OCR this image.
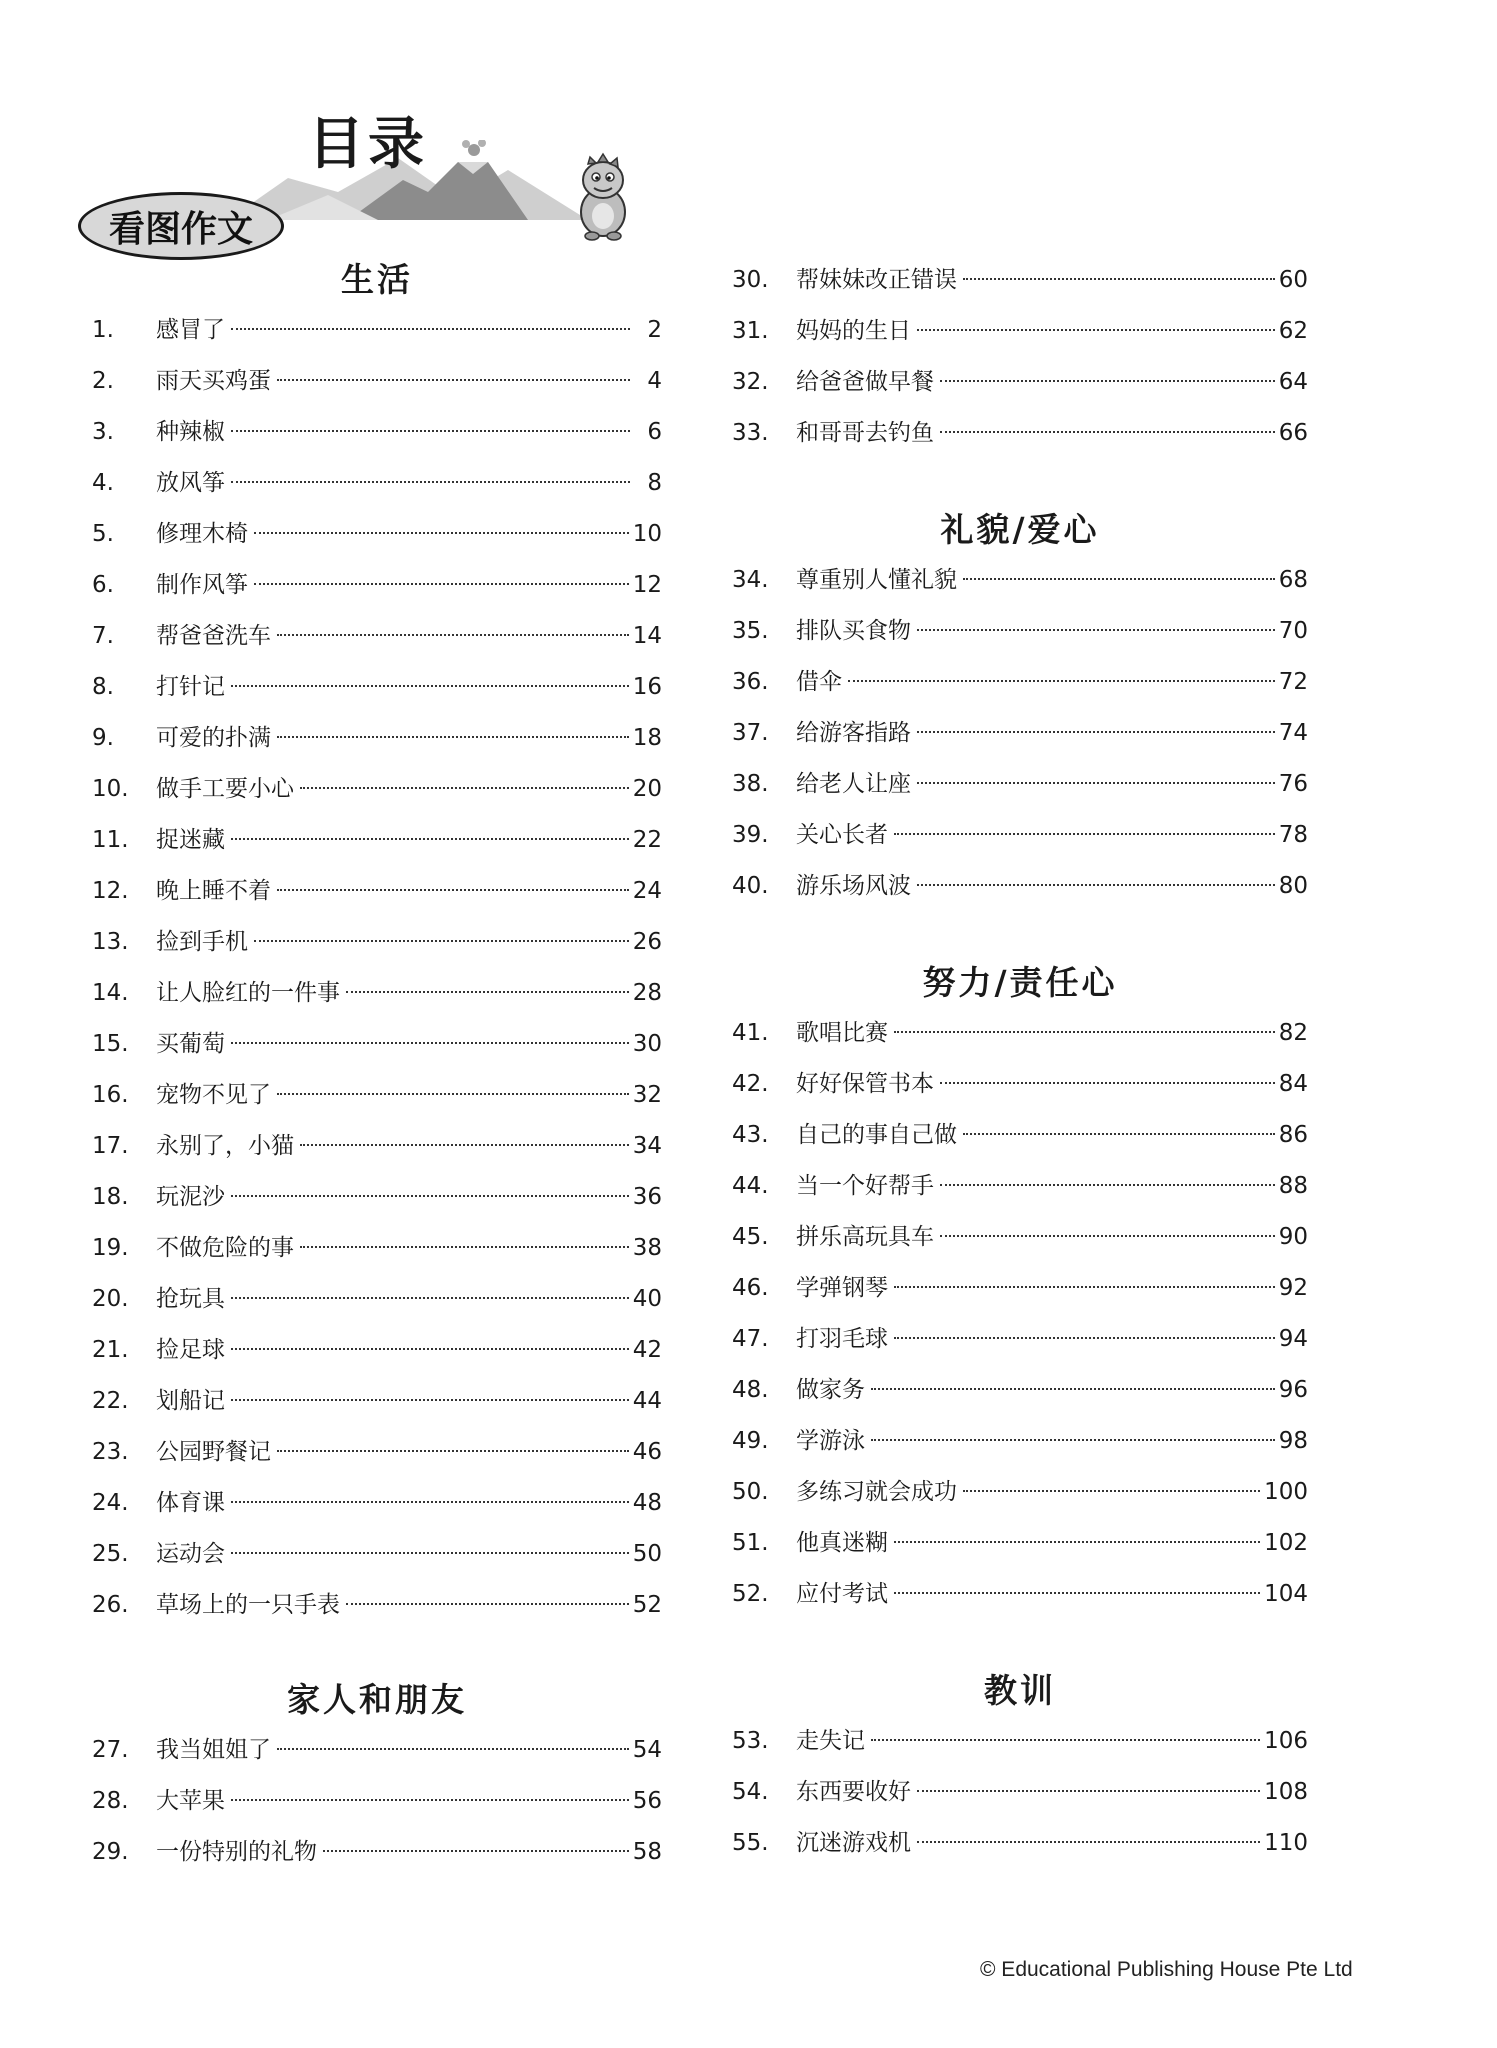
目录
看图作文
生活
1.	感冒了	2
2.	雨天买鸡蛋	4
3.	种辣椒	6
4.	放风筝	8
5.	修理木椅	10
6.	制作风筝	12
7.	帮爸爸洗车	14
8.	打针记	16
9.	可爱的扑满	18
10.	做手工要小心	20
11.	捉迷藏	22
12.	晚上睡不着	24
13.	捡到手机	26
14.	让人脸红的一件事	28
15.	买葡萄	30
16.	宠物不见了	32
17.	永别了，小猫	34
18.	玩泥沙	36
19.	不做危险的事	38
20.	抢玩具	40
21.	捡足球	42
22.	划船记	44
23.	公园野餐记	46
24.	体育课	48
25.	运动会	50
26.	草场上的一只手表	52
家人和朋友
27.	我当姐姐了	54
28.	大苹果	56
29.	一份特别的礼物	58
30.	帮妹妹改正错误	60
31.	妈妈的生日	62
32.	给爸爸做早餐	64
33.	和哥哥去钓鱼	66
礼貌/爱心
34.	尊重别人懂礼貌	68
35.	排队买食物	70
36.	借伞	72
37.	给游客指路	74
38.	给老人让座	76
39.	关心长者	78
40.	游乐场风波	80
努力/责任心
41.	歌唱比赛	82
42.	好好保管书本	84
43.	自己的事自己做	86
44.	当一个好帮手	88
45.	拼乐高玩具车	90
46.	学弹钢琴	92
47.	打羽毛球	94
48.	做家务	96
49.	学游泳	98
50.	多练习就会成功	100
51.	他真迷糊	102
52.	应付考试	104
教训
53.	走失记	106
54.	东西要收好	108
55.	沉迷游戏机	110
© Educational Publishing House Pte Ltd
